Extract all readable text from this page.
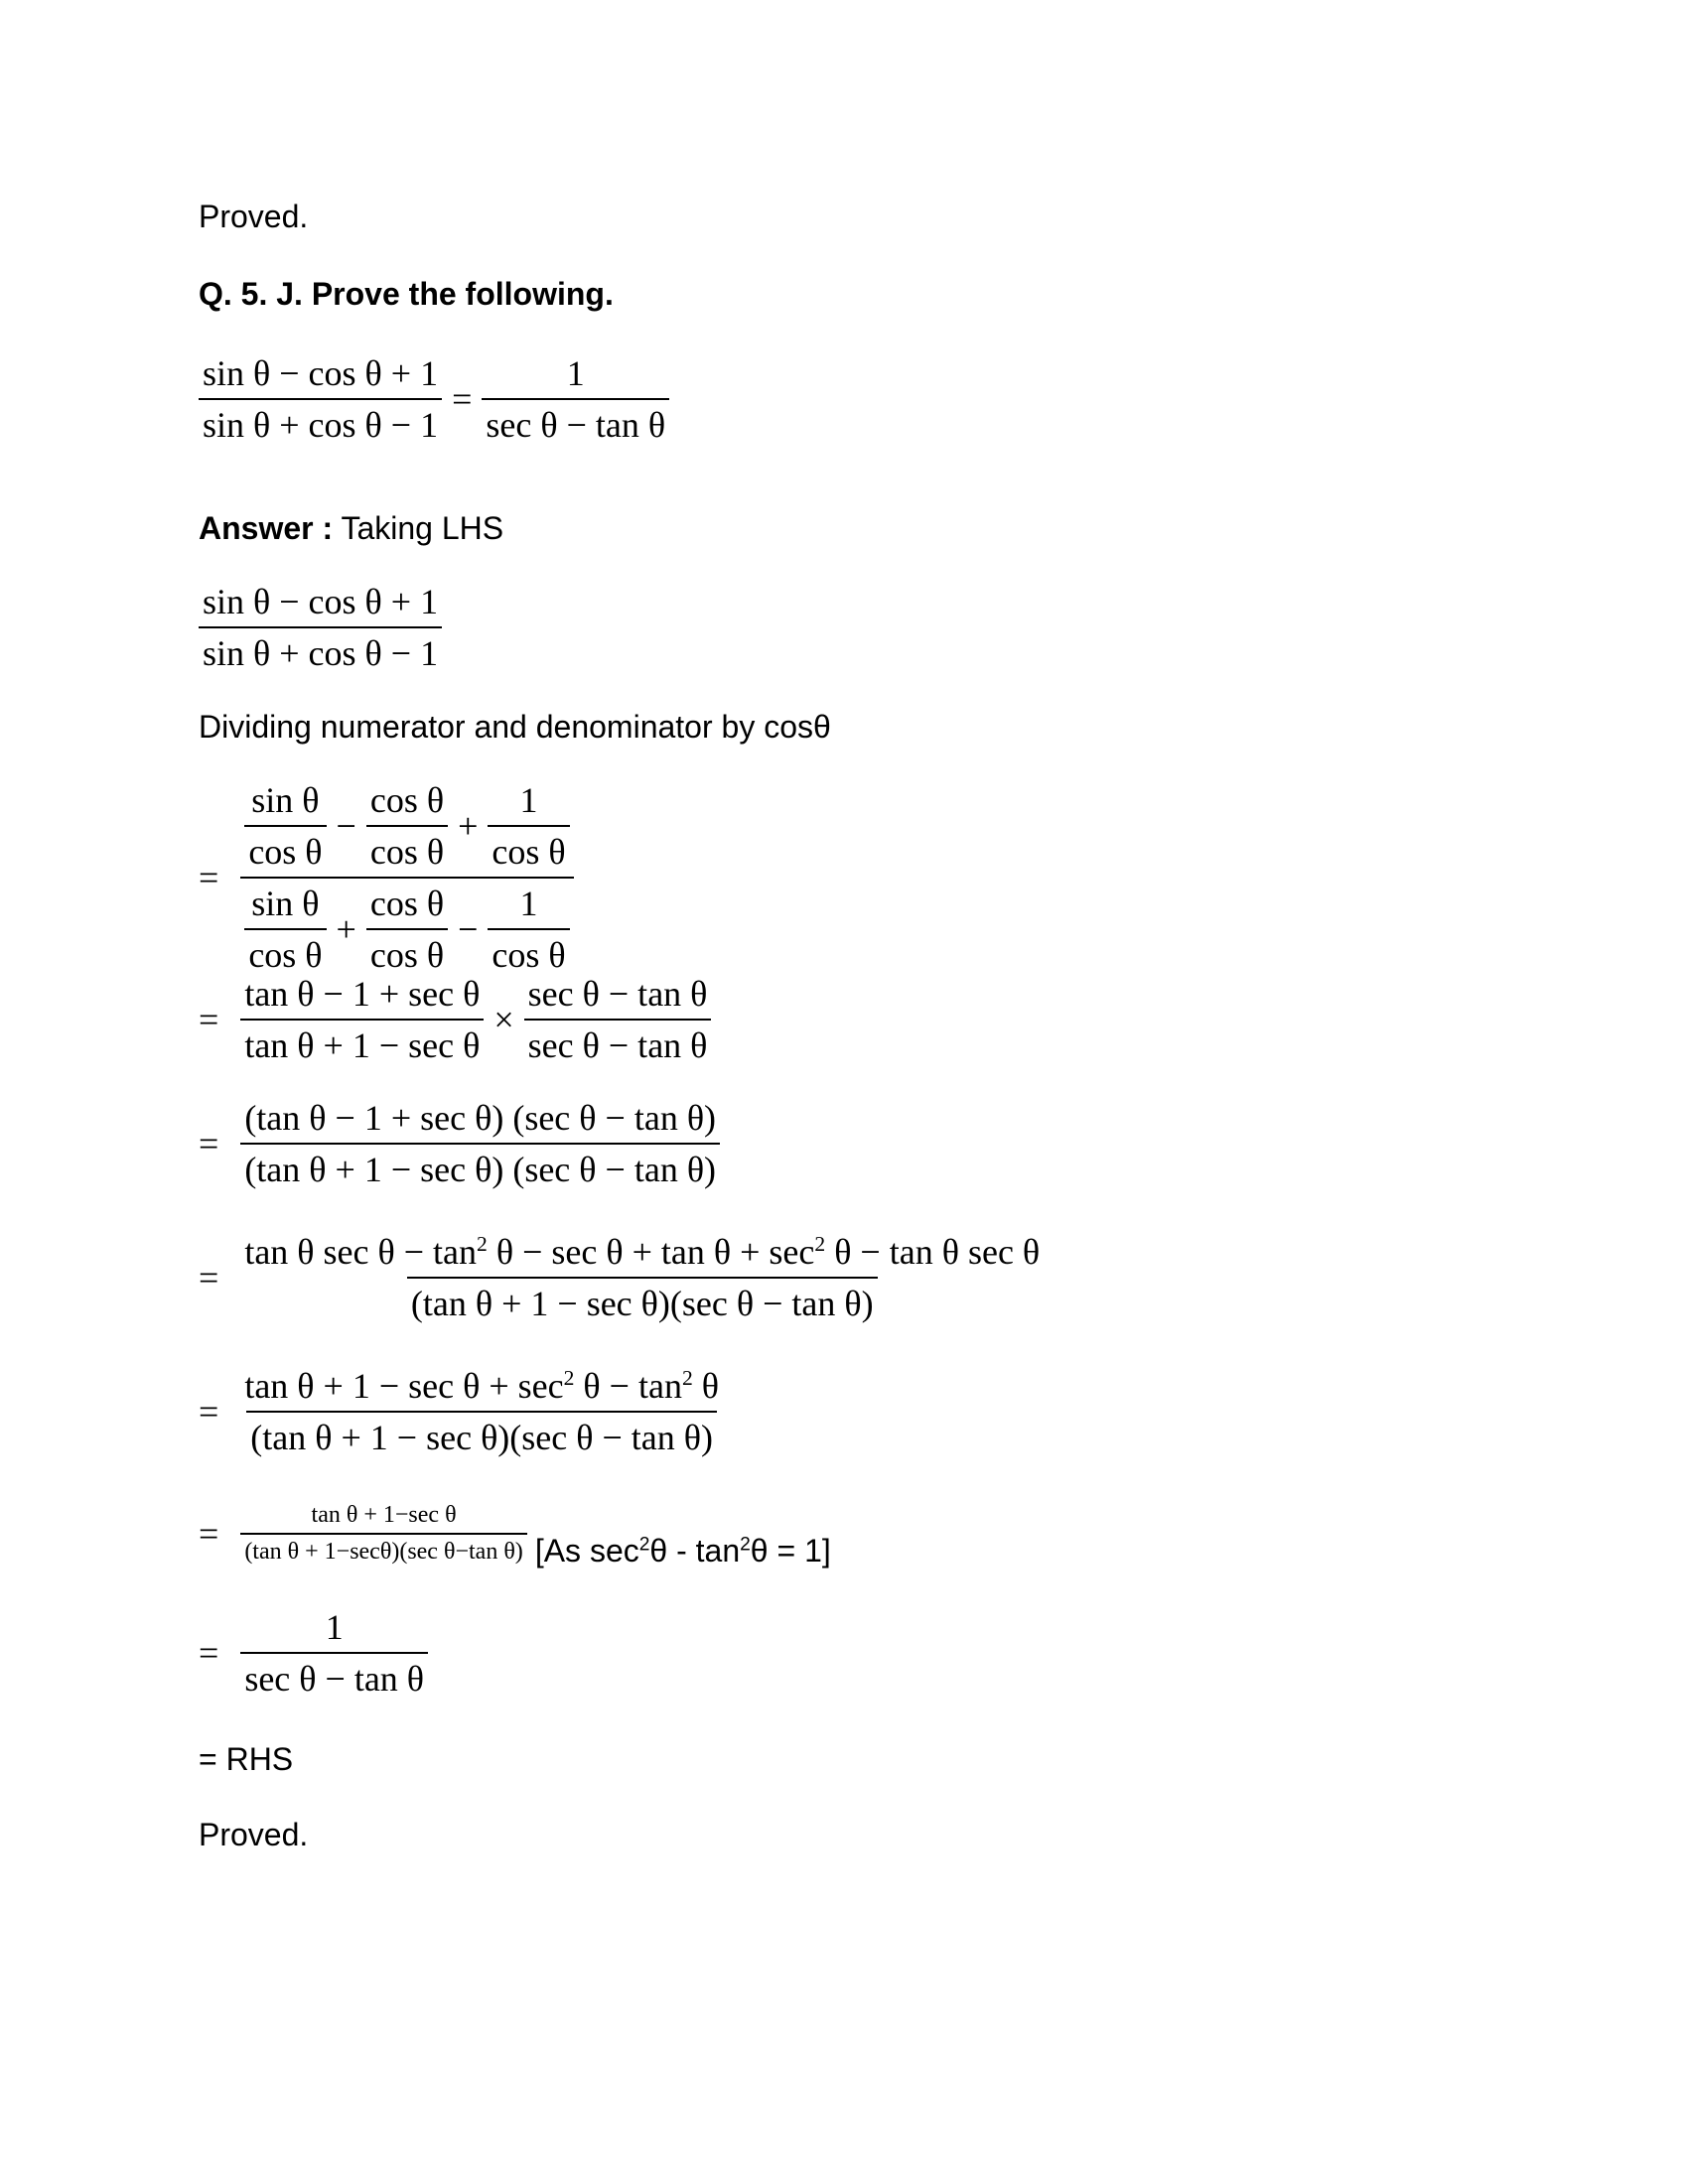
Proved.
Q. 5. J. Prove the following.
$\frac{\text{sin θ − cos θ + 1}}{\text{sin θ + cos θ − 1}} = \frac{1}{\text{sec θ − tan θ}}$
Answer : Taking LHS
$\frac{\text{sin θ − cos θ + 1}}{\text{sin θ + cos θ − 1}}$
Dividing numerator and denominator by cosθ
= $\frac{\frac{\text{sin θ}}{\text{cos θ}} - \frac{\text{cos θ}}{\text{cos θ}} + \frac{1}{\text{cos θ}}}{\frac{\text{sin θ}}{\text{cos θ}} + \frac{\text{cos θ}}{\text{cos θ}} - \frac{1}{\text{cos θ}}}$
= $\frac{\text{tan θ − 1 + sec θ}}{\text{tan θ + 1 − sec θ}} \times \frac{\text{sec θ − tan θ}}{\text{sec θ − tan θ}}$
= $\frac{\text{(tan θ − 1 + sec θ) (sec θ − tan θ)}}{\text{(tan θ + 1 − sec θ) (sec θ − tan θ)}}$
= $\frac{\tan \theta \sec \theta - \tan^2 \theta - \sec \theta + \tan \theta + \sec^2 \theta - \tan \theta \sec \theta}{\text{(tan θ + 1 − sec θ)(sec θ − tan θ)}}$
= $\frac{\tan \theta + 1 - \sec \theta + \sec^2 \theta - \tan^2 \theta}{\text{(tan θ + 1 − sec θ)(sec θ − tan θ)}}$
= $\frac{\text{tan θ + 1−sec θ}}{\text{(tan θ + 1−secθ)(sec θ−tan θ)}} [As$ $\sec^2\theta - \tan^2\theta = 1$]
= $\frac{1}{\text{sec θ − tan θ}}$
= RHS
Proved.
